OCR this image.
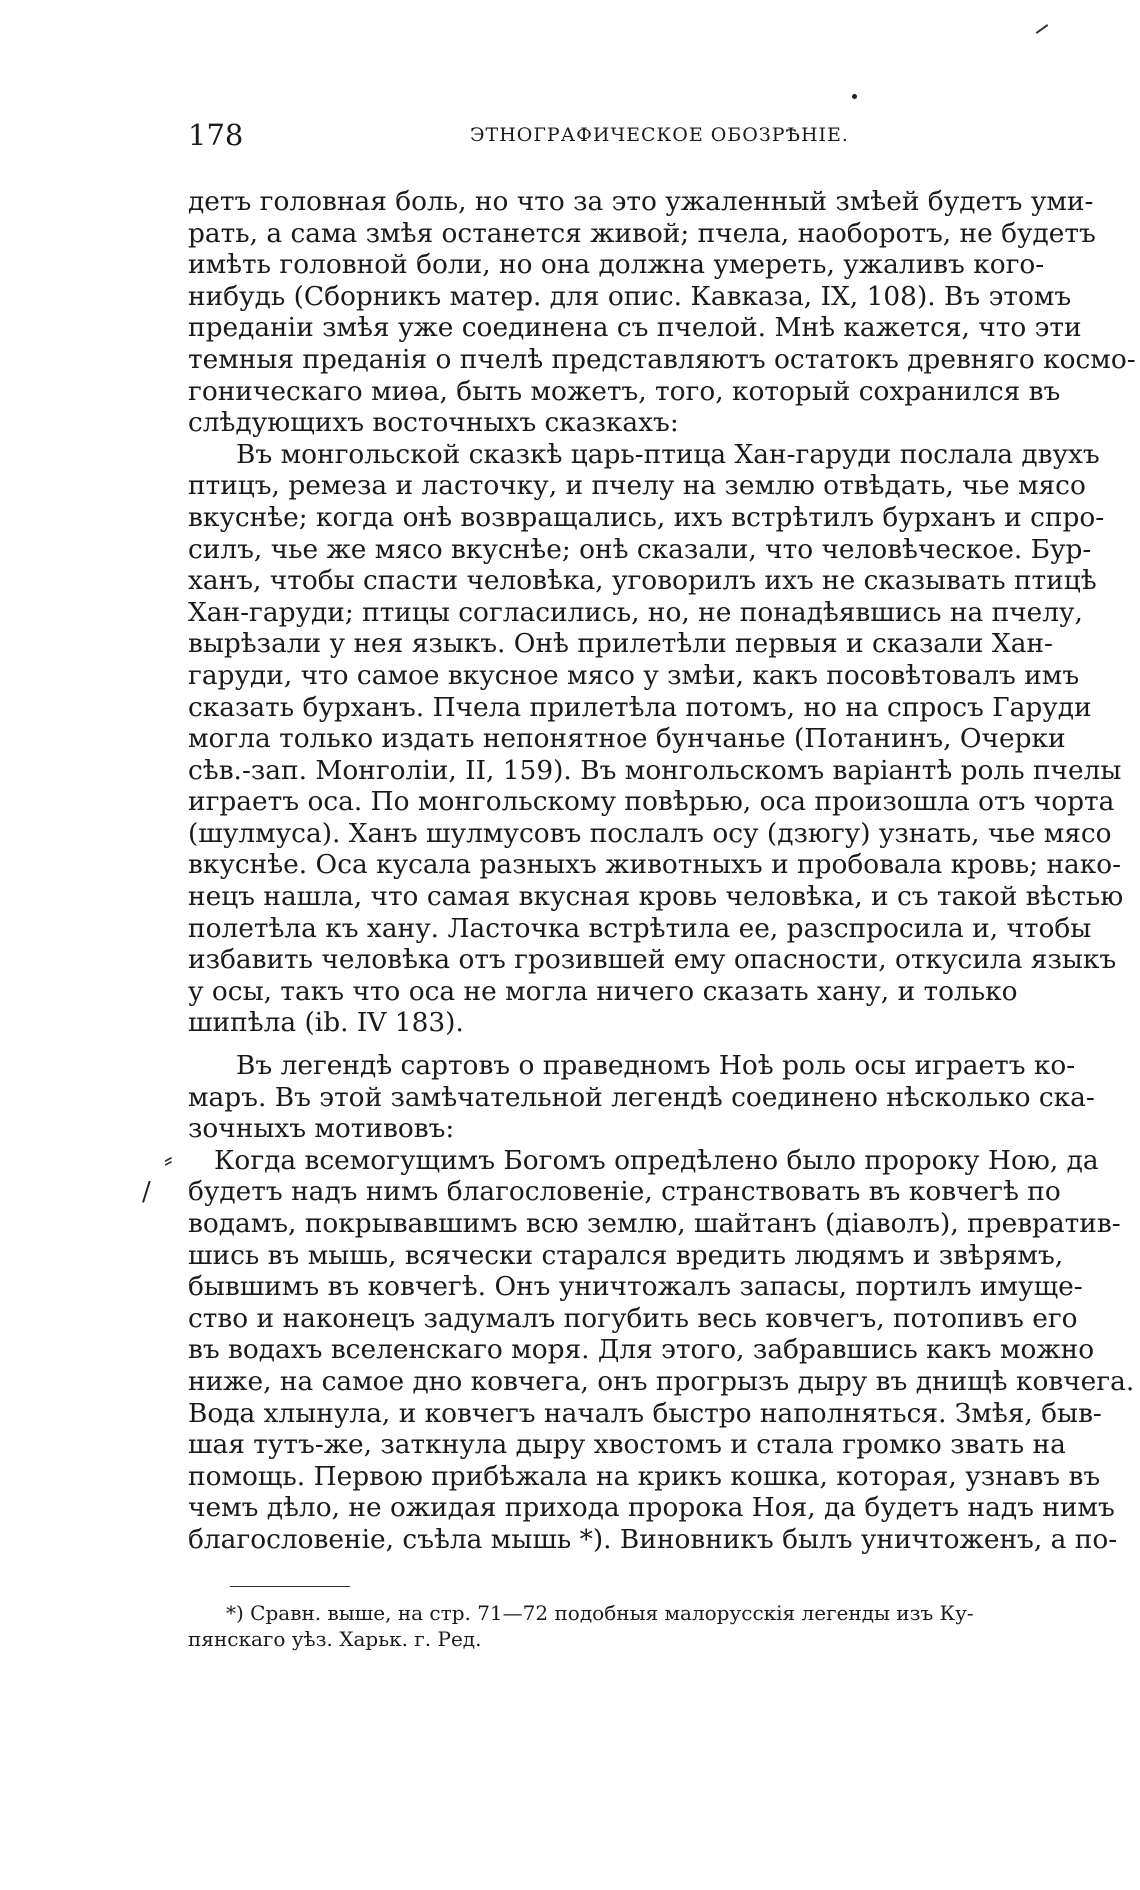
178	ЭТНОГРАФИЧЕСКОЕ ОБОЗРѢНІЕ.
детъ головная боль, но что за это ужаленный змѣей будетъ уми-
рать, а сама змѣя останется живой; пчела, наоборотъ, не будетъ
имѣть головной боли, но она должна умереть, ужаливъ кого-
нибудь (Сборникъ матер. для опис. Кавказа, IX, 108). Въ этомъ
преданіи змѣя уже соединена съ пчелой. Мнѣ кажется, что эти
темныя преданія о пчелѣ представляютъ остатокъ древняго космо-
гоническаго миѳа, быть можетъ, того, который сохранился въ
слѣдующихъ восточныхъ сказкахъ:
Въ монгольской сказкѣ царь-птица Хан-гаруди послала двухъ
птицъ, ремеза и ласточку, и пчелу на землю отвѣдать, чье мясо
вкуснѣе; когда онѣ возвращались, ихъ встрѣтилъ бурханъ и спро-
силъ, чье же мясо вкуснѣе; онѣ сказали, что человѣческое. Бур-
ханъ, чтобы спасти человѣка, уговорилъ ихъ не сказывать птицѣ
Хан-гаруди; птицы согласились, но, не понадѣявшись на пчелу,
вырѣзали у нея языкъ. Онѣ прилетѣли первыя и сказали Хан-
гаруди, что самое вкусное мясо у змѣи, какъ посовѣтовалъ имъ
сказать бурханъ. Пчела прилетѣла потомъ, но на спросъ Гаруди
могла только издать непонятное бунчанье (Потанинъ, Очерки
сѣв.-зап. Монголіи, II, 159). Въ монгольскомъ варіантѣ роль пчелы
играетъ оса. По монгольскому повѣрью, оса произошла отъ чорта
(шулмуса). Ханъ шулмусовъ послалъ осу (дзюгу) узнать, чье мясо
вкуснѣе. Оса кусала разныхъ животныхъ и пробовала кровь; нако-
нецъ нашла, что самая вкусная кровь человѣка, и съ такой вѣстью
полетѣла къ хану. Ласточка встрѣтила ее, разспросила и, чтобы
избавить человѣка отъ грозившей ему опасности, откусила языкъ
у осы, такъ что оса не могла ничего сказать хану, и только
шипѣла (ib. IV 183).
Въ легендѣ сартовъ о праведномъ Ноѣ роль осы играетъ ко-
маръ. Въ этой замѣчательной легендѣ соединено нѣсколько ска-
зочныхъ мотивовъ:
⸗
/
Когда всемогущимъ Богомъ опредѣлено было пророку Ною, да
будетъ надъ нимъ благословеніе, странствовать въ ковчегѣ по
водамъ, покрывавшимъ всю землю, шайтанъ (діаволъ), превратив-
шись въ мышь, всячески старался вредить людямъ и звѣрямъ,
бывшимъ въ ковчегѣ. Онъ уничтожалъ запасы, портилъ имуще-
ство и наконецъ задумалъ погубить весь ковчегъ, потопивъ его
въ водахъ вселенскаго моря. Для этого, забравшись какъ можно
ниже, на самое дно ковчега, онъ прогрызъ дыру въ днищѣ ковчега.
Вода хлынула, и ковчегъ началъ быстро наполняться. Змѣя, быв-
шая тутъ-же, заткнула дыру хвостомъ и стала громко звать на
помощь. Первою прибѣжала на крикъ кошка, которая, узнавъ въ
чемъ дѣло, не ожидая прихода пророка Ноя, да будетъ надъ нимъ
благословеніе, съѣла мышь *). Виновникъ былъ уничтоженъ, а по-
*) Сравн. выше, на стр. 71—72 подобныя малорусскія легенды изъ Ку-
пянскаго уѣз. Харьк. г. Ред.
